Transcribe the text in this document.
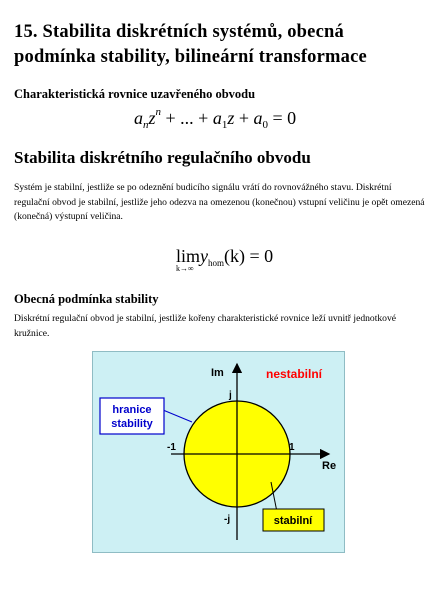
15. Stabilita diskrétních systémů, obecná podmínka stability, bilineární transformace
Charakteristická rovnice uzavřeného obvodu
$a_nz^n$ + ... + $a_1z + a_0 = 0$
Stabilita diskrétního regulačního obvodu
Systém je stabilní, jestliže se po odeznění budicího signálu vrátí do rovnovážného stavu. Diskrétní regulační obvod je stabilní, jestliže jeho odezva na omezenou (konečnou) vstupní veličinu je opět omezená (konečná) výstupní veličina.
lim
k→∞
$y_{hom}(k) = 0$
Obecná podmínka stability
Diskrétní regulační obvod je stabilní, jestliže kořeny charakteristické rovnice leží uvnitř jednotkové kružnice.
Im
Re
j
-j
-1	1
nestabilní
hranice
stability
stabilní
